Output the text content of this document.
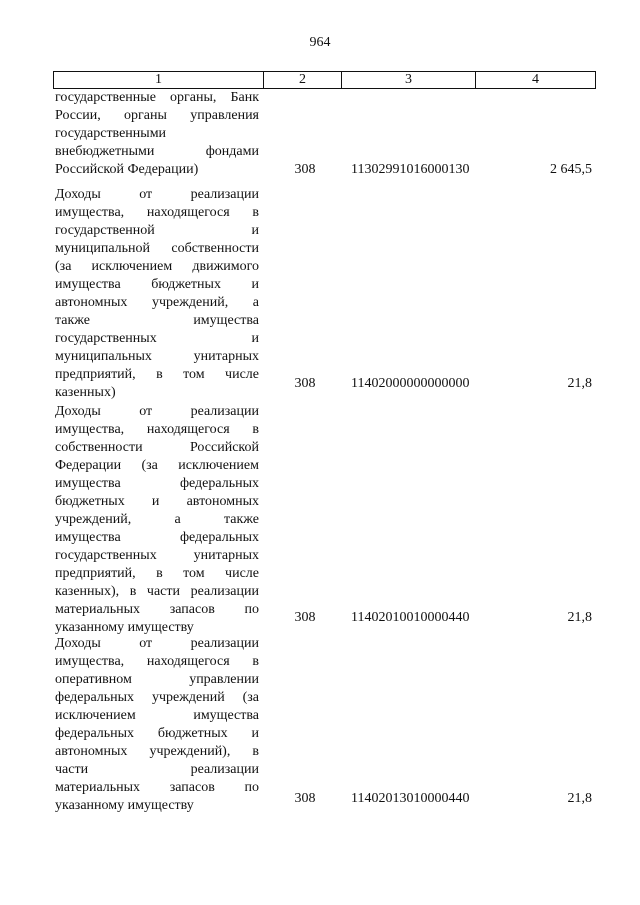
964
1	2	3	4
государственные органы, Банк
России, органы управления
государственными
внебюджетными фондами
Российской Федерации)	308	11302991016000130	2 645,5
Доходы от реализации
имущества, находящегося в
государственной и
муниципальной собственности
(за исключением движимого
имущества бюджетных и
автономных учреждений, а
также имущества
государственных и
муниципальных унитарных
предприятий, в том числе
казенных)
308	11402000000000000	21,8
Доходы от реализации
имущества, находящегося в
собственности Российской
Федерации (за исключением
имущества федеральных
бюджетных и автономных
учреждений, а также
имущества федеральных
государственных унитарных
предприятий, в том числе
казенных), в части реализации
материальных запасов по
указанному имуществу
308	11402010010000440	21,8
Доходы от реализации
имущества, находящегося в
оперативном управлении
федеральных учреждений (за
исключением имущества
федеральных бюджетных и
автономных учреждений), в
части реализации
материальных запасов по
указанному имуществу	308	11402013010000440	21,8
